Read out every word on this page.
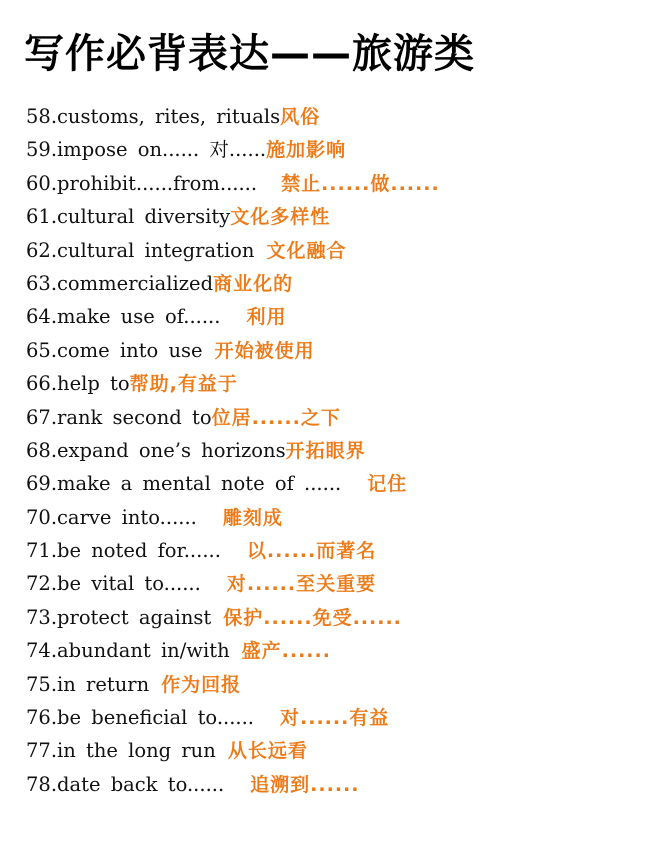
写作必背表达——旅游类
58.customs, rites, rituals风俗
59.impose on...... 对......施加影响
60.prohibit......from...... 禁止......做......
61.cultural diversity文化多样性
62.cultural integration 文化融合
63.commercialized商业化的
64.make use of...... 利用
65.come into use 开始被使用
66.help to帮助,有益于
67.rank second to位居......之下
68.expand one’s horizons开拓眼界
69.make a mental note of ...... 记住
70.carve into...... 雕刻成
71.be noted for...... 以......而著名
72.be vital to...... 对......至关重要
73.protect against 保护......免受......
74.abundant in/with 盛产......
75.in return 作为回报
76.be beneficial to...... 对......有益
77.in the long run 从长远看
78.date back to...... 追溯到......
